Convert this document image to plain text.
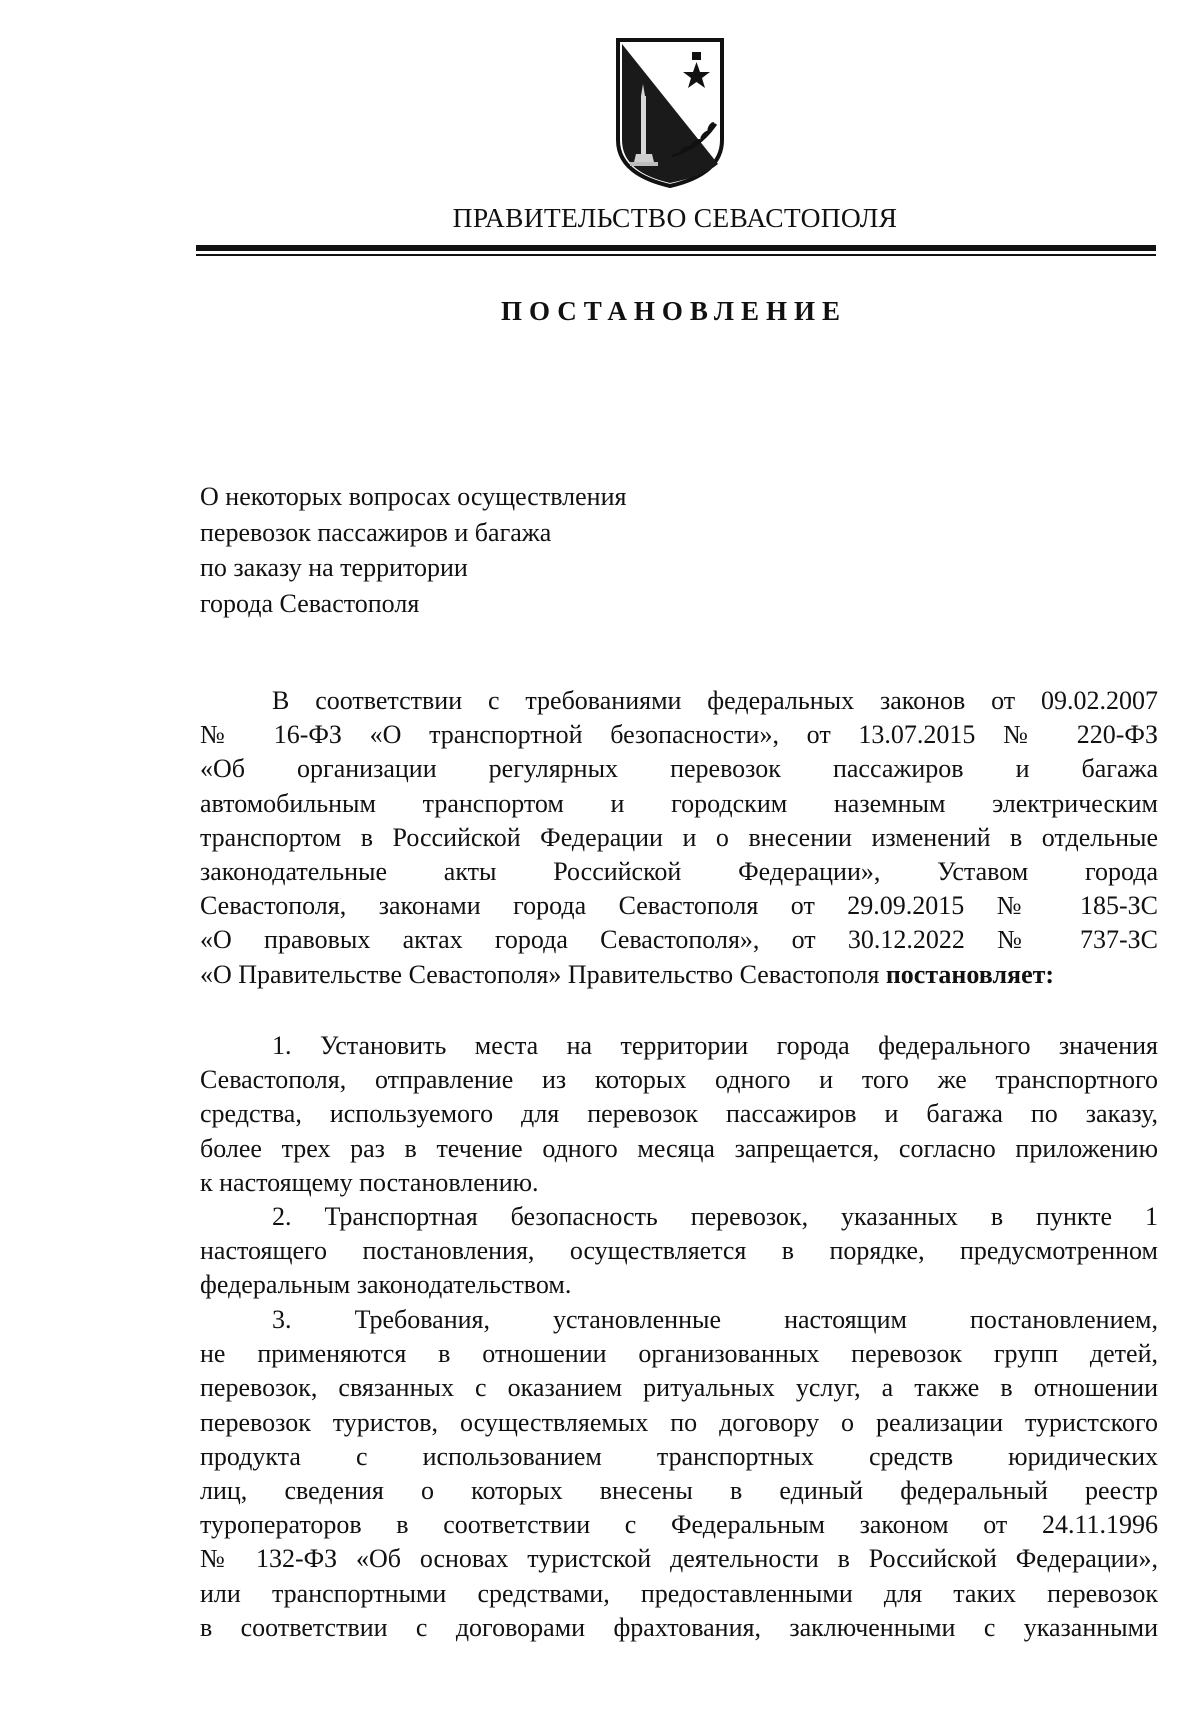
ПРАВИТЕЛЬСТВО СЕВАСТОПОЛЯ
ПОСТАНОВЛЕНИЕ
О некоторых вопросах осуществления
перевозок пассажиров и багажа
по заказу на территории
города Севастополя
В соответствии с требованиями федеральных законов от 09.02.2007
№ 16-ФЗ «О транспортной безопасности», от 13.07.2015 № 220-ФЗ
«Об организации регулярных перевозок пассажиров и багажа
автомобильным транспортом и городским наземным электрическим
транспортом в Российской Федерации и о внесении изменений в отдельные
законодательные акты Российской Федерации», Уставом города
Севастополя, законами города Севастополя от 29.09.2015 № 185-ЗС
«О правовых актах города Севастополя», от 30.12.2022 № 737-ЗС
«О Правительстве Севастополя» Правительство Севастополя постановляет:
1. Установить места на территории города федерального значения
Севастополя, отправление из которых одного и того же транспортного
средства, используемого для перевозок пассажиров и багажа по заказу,
более трех раз в течение одного месяца запрещается, согласно приложению
к настоящему постановлению.
2. Транспортная безопасность перевозок, указанных в пункте 1
настоящего постановления, осуществляется в порядке, предусмотренном
федеральным законодательством.
3. Требования, установленные настоящим постановлением,
не применяются в отношении организованных перевозок групп детей,
перевозок, связанных с оказанием ритуальных услуг, а также в отношении
перевозок туристов, осуществляемых по договору о реализации туристского
продукта с использованием транспортных средств юридических
лиц, сведения о которых внесены в единый федеральный реестр
туроператоров в соответствии с Федеральным законом от 24.11.1996
№ 132-ФЗ «Об основах туристской деятельности в Российской Федерации»,
или транспортными средствами, предоставленными для таких перевозок
в соответствии с договорами фрахтования, заключенными с указанными
